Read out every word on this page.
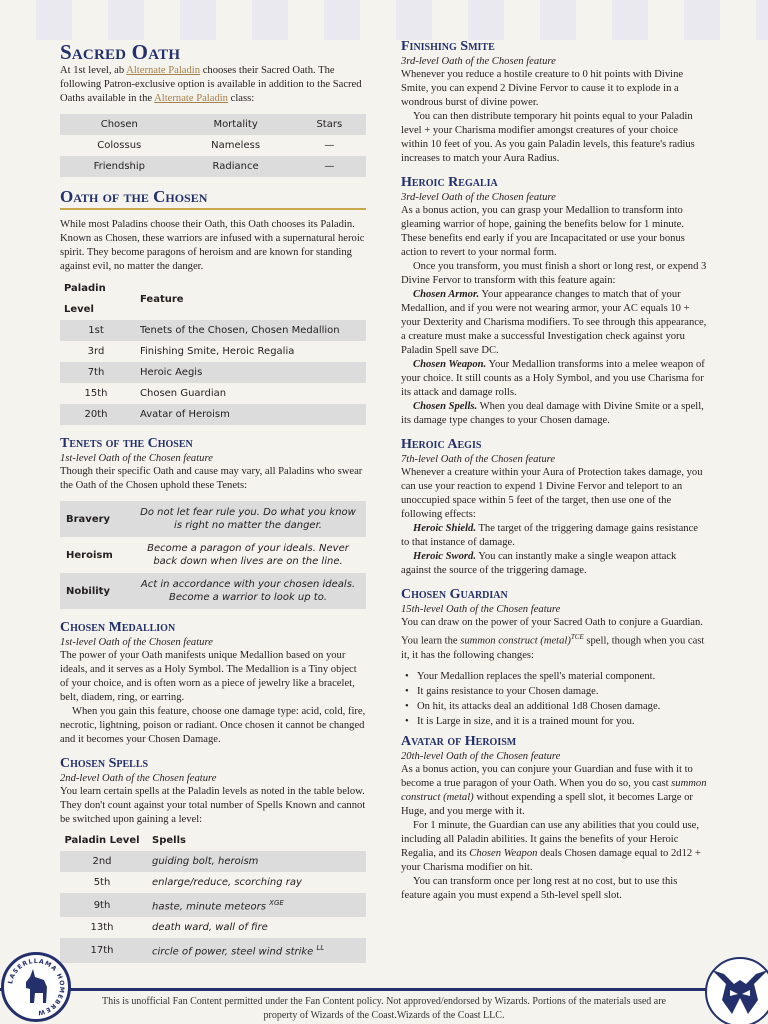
Sacred Oath

At 1st level, ab Alternate Paladin chooses their Sacred Oath. The following Patron-exclusive option is available in addition to the Sacred Oaths available in the Alternate Paladin class:

Chosen	Mortality	Stars
Colossus	Nameless	—
Friendship	Radiance	—
Oath of the Chosen

While most Paladins choose their Oath, this Oath chooses its Paladin. Known as Chosen, these warriors are infused with a supernatural heroic spirit. They become paragons of heroism and are known for standing against evil, no matter the danger.

Paladin Level	Feature
1st	Tenets of the Chosen, Chosen Medallion
3rd	Finishing Smite, Heroic Regalia
7th	Heroic Aegis
15th	Chosen Guardian
20th	Avatar of Heroism
Tenets of the Chosen
1st-level Oath of the Chosen feature

Though their specific Oath and cause may vary, all Paladins who swear the Oath of the Chosen uphold these Tenets:

Bravery	Do not let fear rule you. Do what you know is right no matter the danger.
Heroism	Become a paragon of your ideals. Never back down when lives are on the line.
Nobility	Act in accordance with your chosen ideals. Become a warrior to look up to.
Chosen Medallion
1st-level Oath of the Chosen feature

The power of your Oath manifests unique Medallion based on your ideals, and it serves as a Holy Symbol. The Medallion is a Tiny object of your choice, and is often worn as a piece of jewelry like a bracelet, belt, diadem, ring, or earring.

When you gain this feature, choose one damage type: acid, cold, fire, necrotic, lightning, poison or radiant. Once chosen it cannot be changed and it becomes your Chosen Damage.

Chosen Spells
2nd-level Oath of the Chosen feature

You learn certain spells at the Paladin levels as noted in the table below. They don't count against your total number of Spells Known and cannot be switched upon gaining a level:

Paladin Level	Spells
2nd	guiding bolt, heroism
5th	enlarge/reduce, scorching ray
9th	haste, minute meteors $^{XGE}$
13th	death ward, wall of fire
17th	circle of power, steel wind strike $^{LL}$
Finishing Smite
3rd-level Oath of the Chosen feature

Whenever you reduce a hostile creature to 0 hit points with Divine Smite, you can expend 2 Divine Fervor to cause it to explode in a wondrous burst of divine power.

You can then distribute temporary hit points equal to your Paladin level + your Charisma modifier amongst creatures of your choice within 10 feet of you. As you gain Paladin levels, this feature's radius increases to match your Aura Radius.

Heroic Regalia
3rd-level Oath of the Chosen feature

As a bonus action, you can grasp your Medallion to transform into gleaming warrior of hope, gaining the benefits below for 1 minute. These benefits end early if you are Incapacitated or use your bonus action to revert to your normal form.

Once you transform, you must finish a short or long rest, or expend 3 Divine Fervor to transform with this feature again:

Chosen Armor. Your appearance changes to match that of your Medallion, and if you were not wearing armor, your AC equals 10 + your Dexterity and Charisma modifiers. To see through this appearance, a creature must make a successful Investigation check against yoru Paladin Spell save DC.

Chosen Weapon. Your Medallion transforms into a melee weapon of your choice. It still counts as a Holy Symbol, and you use Charisma for its attack and damage rolls.

Chosen Spells. When you deal damage with Divine Smite or a spell, its damage type changes to your Chosen damage.

Heroic Aegis
7th-level Oath of the Chosen feature

Whenever a creature within your Aura of Protection takes damage, you can use your reaction to expend 1 Divine Fervor and teleport to an unoccupied space within 5 feet of the target, then use one of the following effects:

Heroic Shield. The target of the triggering damage gains resistance to that instance of damage.

Heroic Sword. You can instantly make a single weapon attack against the source of the triggering damage.

Chosen Guardian
15th-level Oath of the Chosen feature

You can draw on the power of your Sacred Oath to conjure a Guardian. You learn the summon construct (metal)$^{TCE}$ spell, though when you cast it, it has the following changes:

• Your Medallion replaces the spell's material component.
• It gains resistance to your Chosen damage.
• On hit, its attacks deal an additional 1d8 Chosen damage.
• It is Large in size, and it is a trained mount for you.
Avatar of Heroism
20th-level Oath of the Chosen feature

As a bonus action, you can conjure your Guardian and fuse with it to become a true paragon of your Oath. When you do so, you cast summon construct (metal) without expending a spell slot, it becomes Large or Huge, and you merge with it.

For 1 minute, the Guardian can use any abilities that you could use, including all Paladin abilities. It gains the benefits of your Heroic Regalia, and its Chosen Weapon deals Chosen damage equal to 2d12 + your Charisma modifier on hit.

You can transform once per long rest at no cost, but to use this feature again you must expend a 5th-level spell slot.

This is unofficial Fan Content permitted under the Fan Content policy. Not approved/endorsed by Wizards. Portions of the materials used are property of Wizards of the Coast.Wizards of the Coast LLC.
LASERLLAMA HOMEBREW
